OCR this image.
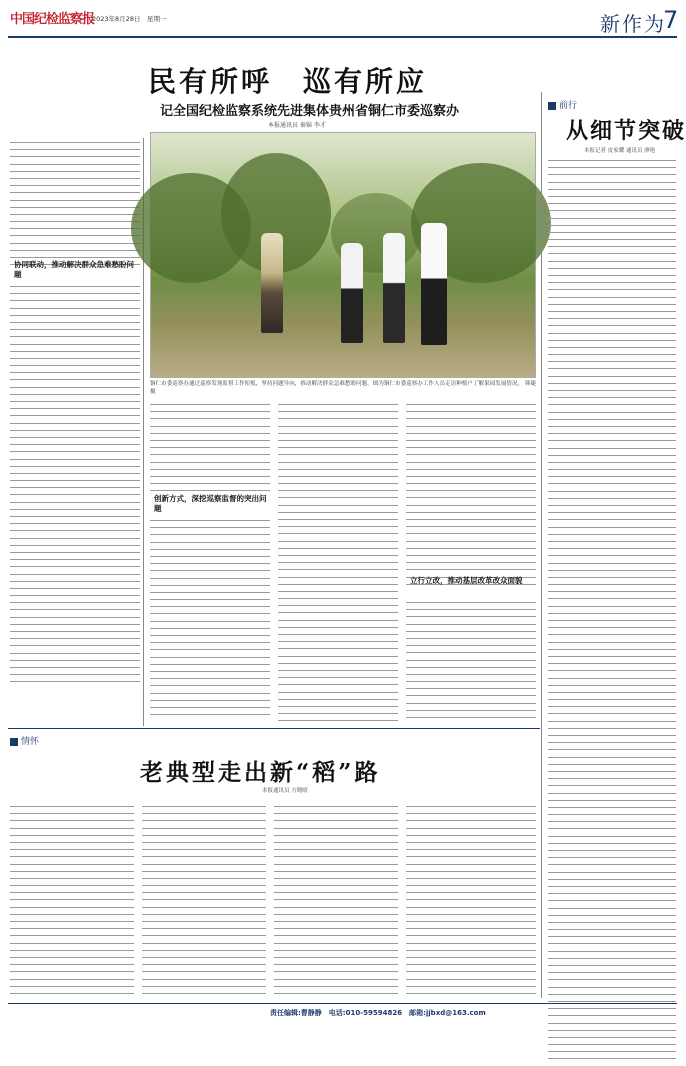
中国纪检监察报
2023年8月28日　星期一	新作为
7
民有所呼　巡有所应
记全国纪检监察系统先进集体贵州省铜仁市委巡察办
本报通讯员 秦锦 李才
协同联动，推动解决群众急难愁盼问题
铜仁市委巡察办通过巡察发现监督工作短板，坚持问题导向，推动解决群众急难愁盼问题。图为铜仁市委巡察办工作人员走访种植户了解果园发展情况。 韩婕 摄
创新方式，深挖巡察监督的突出问题
立行立改，推动基层改革改众面貌
前行
从细节突破
本报记者 皮家耀 通讯员 廖艳
情怀
老典型走出新“稻”路
本报通讯员 方晓晴
责任编辑:曹静静　电话:010-59594826　邮箱:jjbxd@163.com
